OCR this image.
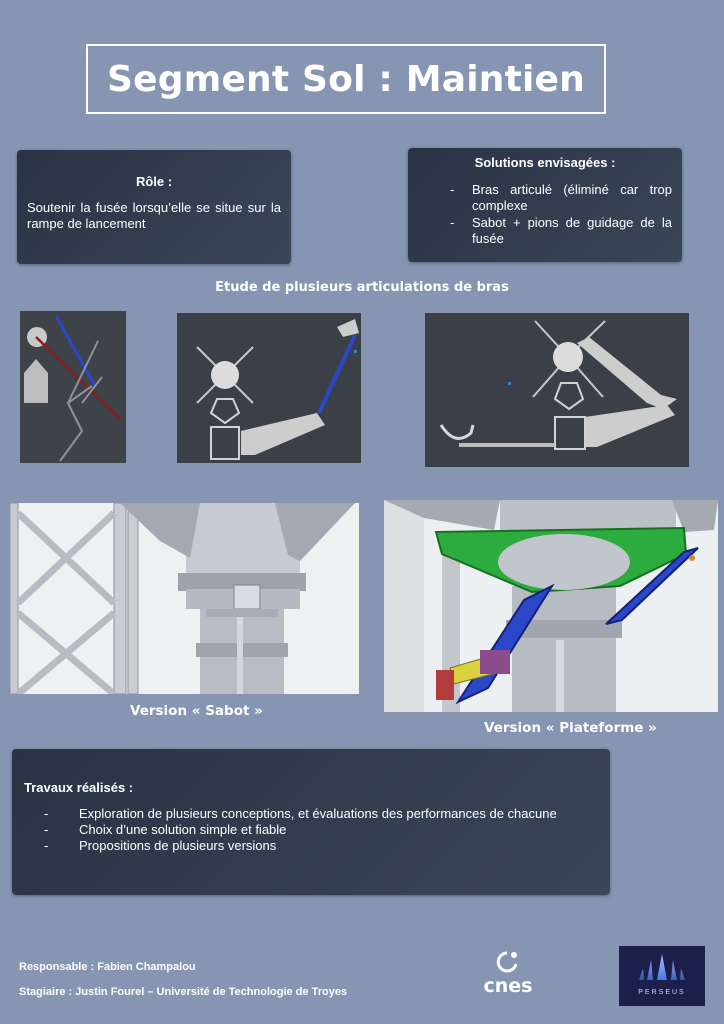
Segment Sol : Maintien
Rôle :

Soutenir la fusée lorsqu’elle se situe sur la rampe de lancement

Solutions envisagées :
- Bras articulé (éliminé car trop complexe
- Sabot + pions de guidage de la fusée
Etude de plusieurs articulations de bras
Version « Sabot »
Version « Plateforme »
Travaux réalisés :
- Exploration de plusieurs conceptions, et évaluations des performances de chacune
- Choix d’une solution simple et fiable
- Propositions de plusieurs versions
Responsable : Fabien Champalou
Stagiaire : Justin Fourel – Université de Technologie de Troyes	cnes	PERSEUS
